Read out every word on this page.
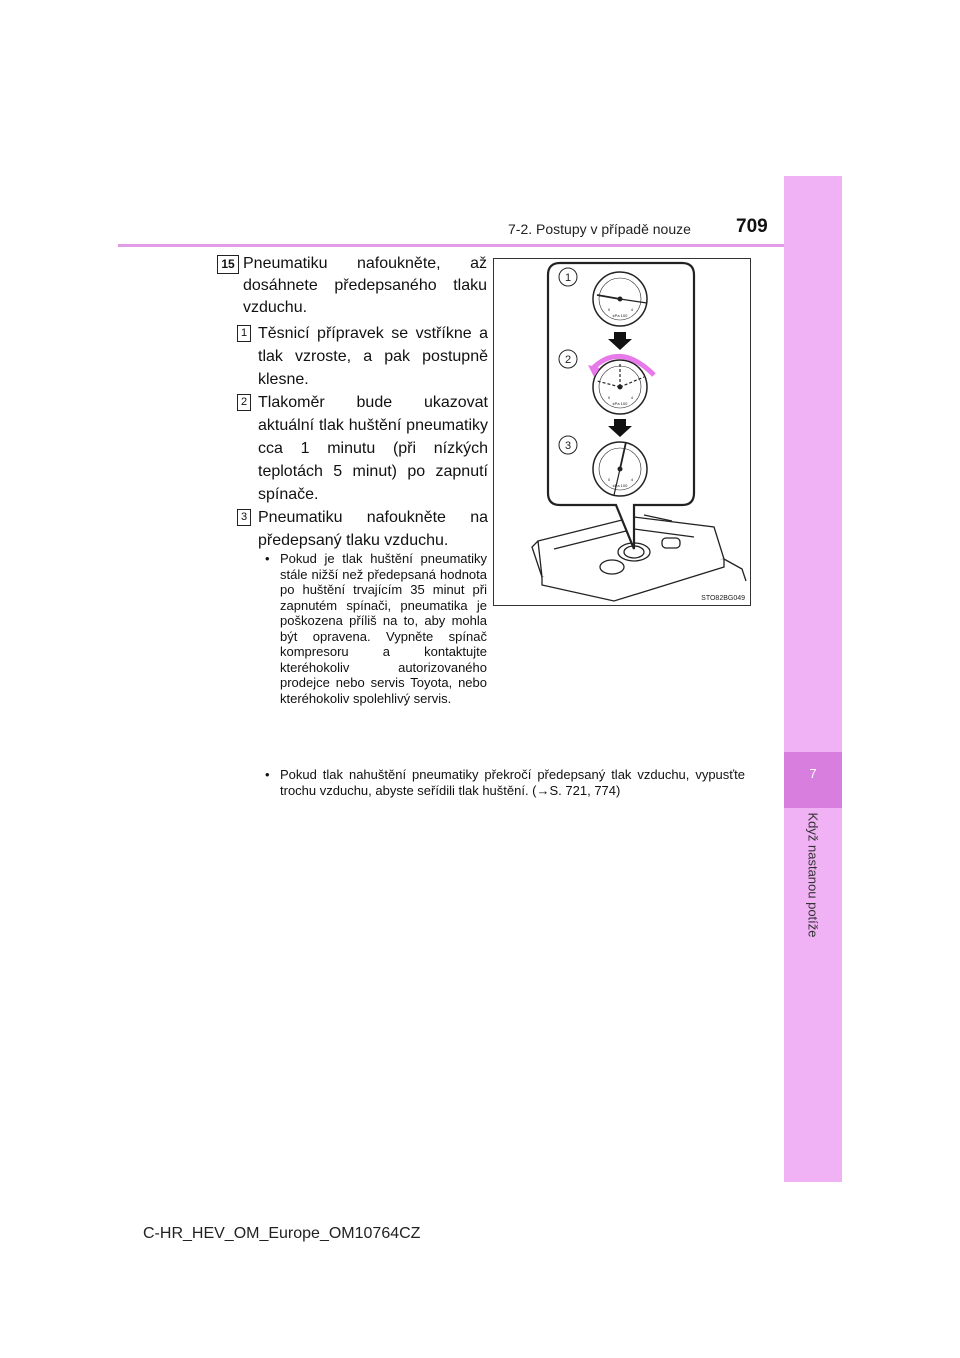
7
Když nastanou potíže
7-2. Postupy v případě nouze 709
15 Pneumatiku nafoukněte, až dosáhnete předepsaného tlaku vzduchu.
1 Těsnicí přípravek se vstříkne a tlak vzroste, a pak postupně klesne.
2 Tlakoměr bude ukazovat aktuální tlak huštění pneumatiky cca 1 minutu (při nízkých teplotách 5 minut) po zapnutí spínače.
3 Pneumatiku nafoukněte na předepsaný tlaku vzduchu.
• Pokud je tlak huštění pneumatiky stále nižší než předepsaná hodnota po huštění trvajícím 35 minut při zapnutém spínači, pneumatika je poškozena příliš na to, aby mohla být opravena. Vypněte spínač kompresoru a kontaktujte kteréhokoliv autorizovaného prodejce nebo servis Toyota, nebo kteréhokoliv spolehlivý servis.
• Pokud tlak nahuštění pneumatiky překročí předepsaný tlak vzduchu, vypusťte trochu vzduchu, abyste seřídili tlak huštění. (→S. 721, 774)
0	4
kPa 100
0	4
kPa 100
0	4
kPa 100
1
2
3
STO82BG049
C-HR_HEV_OM_Europe_OM10764CZ
